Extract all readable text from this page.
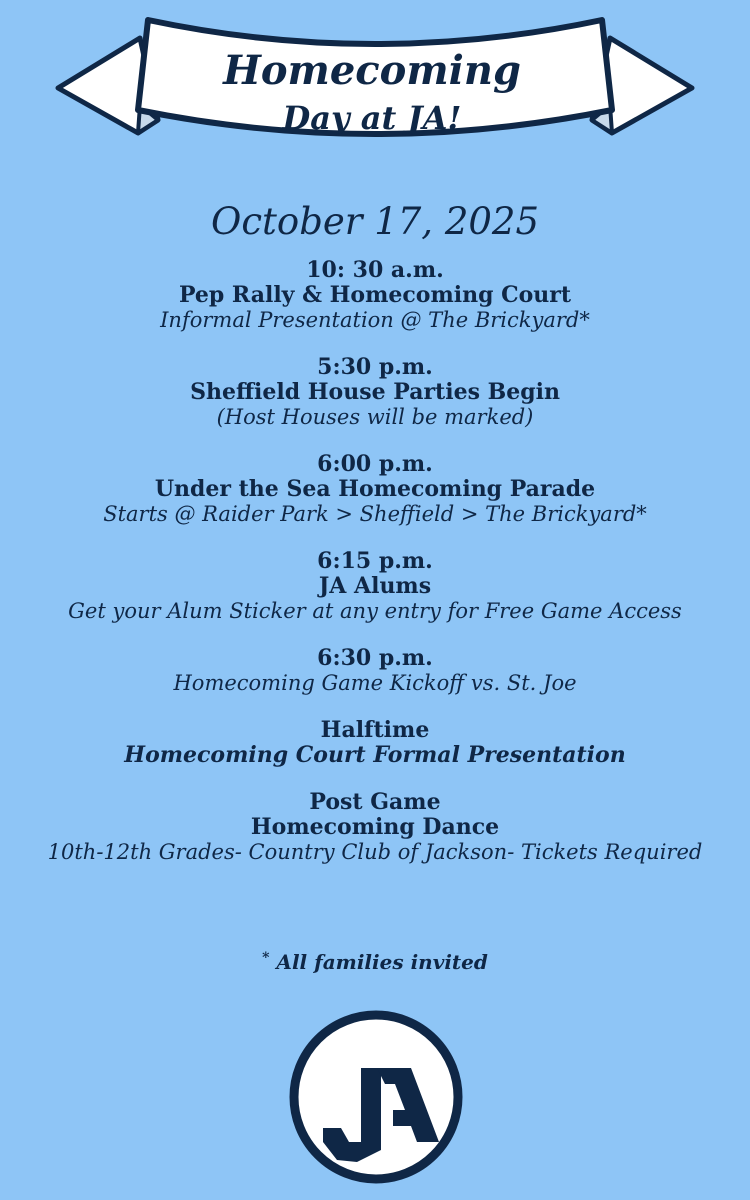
Homecoming
Day at JA!
October 17, 2025
10: 30 a.m.
Pep Rally & Homecoming Court
Informal Presentation @ The Brickyard*
5:30 p.m.
Sheffield House Parties Begin
(Host Houses will be marked)
6:00 p.m.
Under the Sea Homecoming Parade
Starts @ Raider Park > Sheffield > The Brickyard*
6:15 p.m.
JA Alums
Get your Alum Sticker at any entry for Free Game Access
6:30 p.m.
Homecoming Game Kickoff vs. St. Joe
Halftime
Homecoming Court Formal Presentation
Post Game
Homecoming Dance
10th-12th Grades- Country Club of Jackson- Tickets Required
* All families invited
